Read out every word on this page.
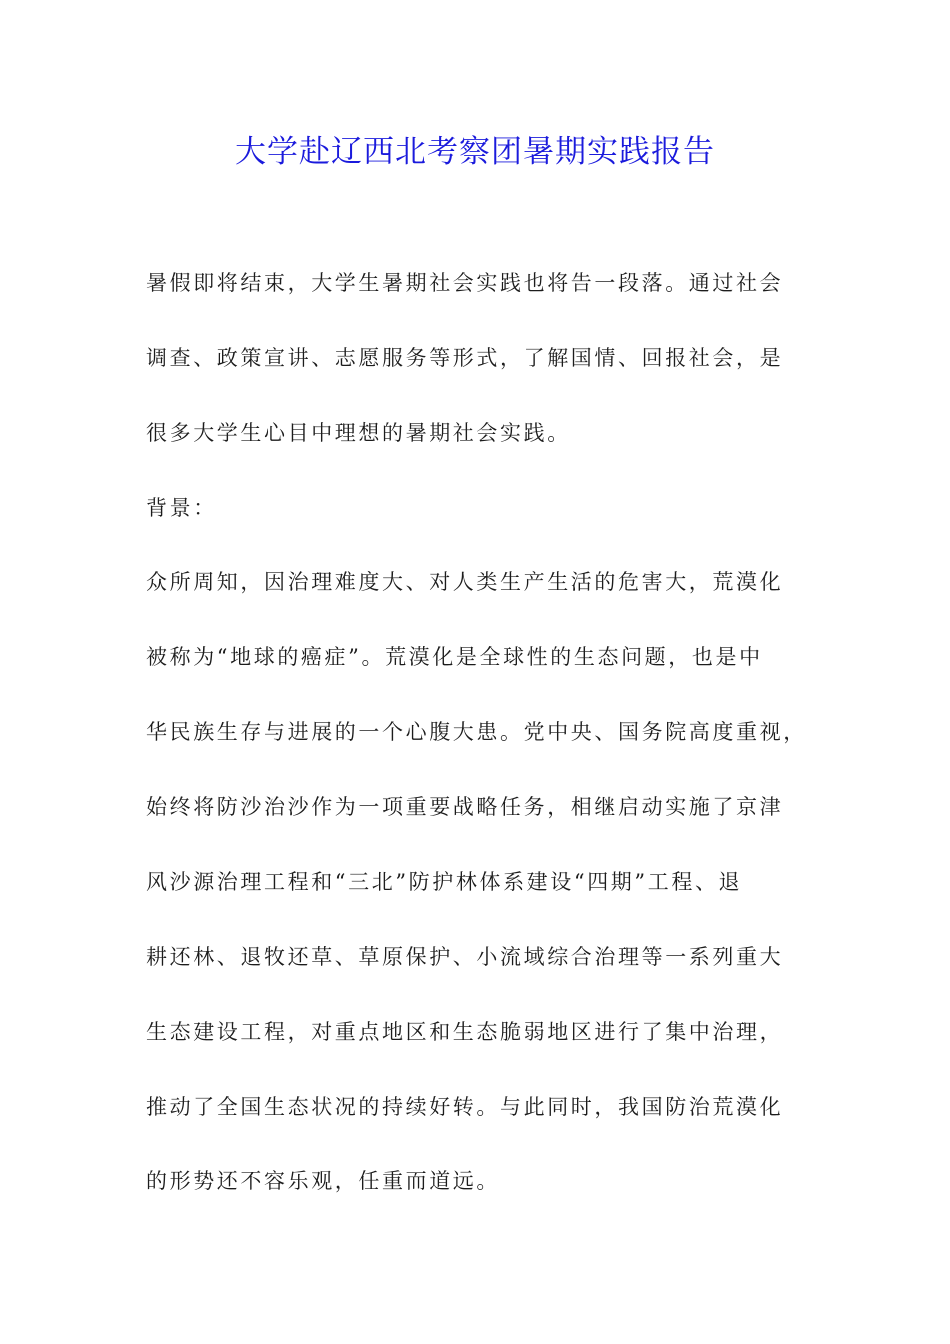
大学赴辽西北考察团暑期实践报告
暑假即将结束，大学生暑期社会实践也将告一段落。通过社会
调查、政策宣讲、志愿服务等形式，了解国情、回报社会，是
很多大学生心目中理想的暑期社会实践。
背景：
众所周知，因治理难度大、对人类生产生活的危害大，荒漠化
被称为“地球的癌症”。荒漠化是全球性的生态问题，也是中
华民族生存与进展的一个心腹大患。党中央、国务院高度重视，
始终将防沙治沙作为一项重要战略任务，相继启动实施了京津
风沙源治理工程和“三北”防护林体系建设“四期”工程、退
耕还林、退牧还草、草原保护、小流域综合治理等一系列重大
生态建设工程，对重点地区和生态脆弱地区进行了集中治理，
推动了全国生态状况的持续好转。与此同时，我国防治荒漠化
的形势还不容乐观，任重而道远。
